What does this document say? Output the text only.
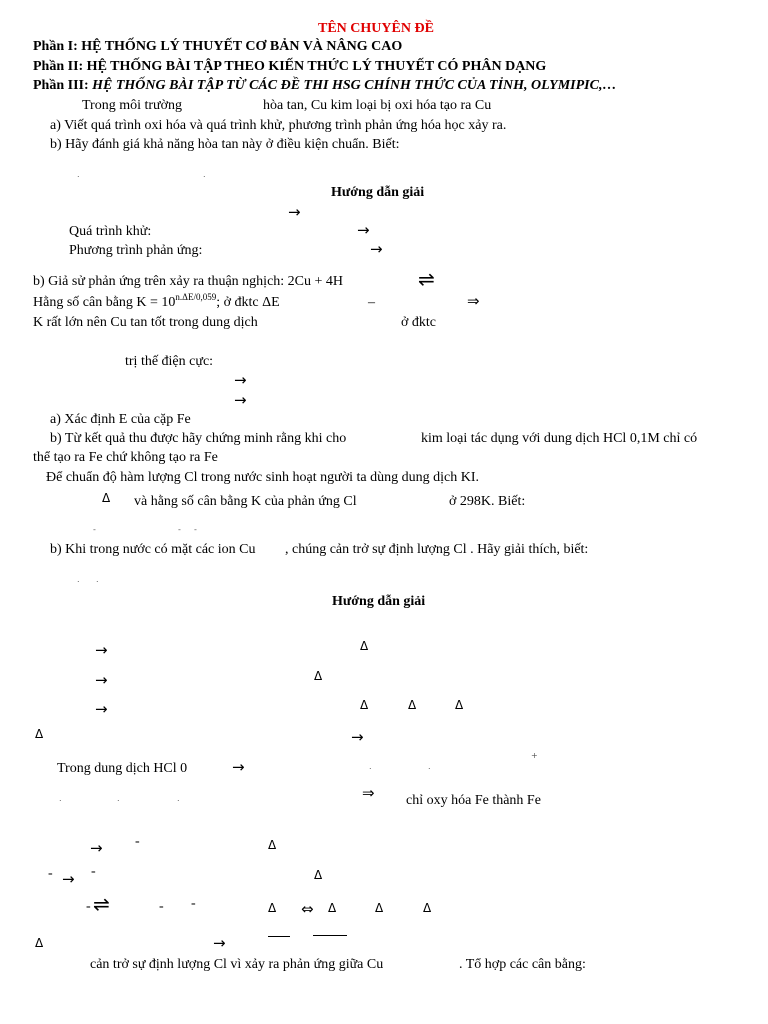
TÊN CHUYÊN ĐỀ
Phần I: HỆ THỐNG LÝ THUYẾT CƠ BẢN VÀ NÂNG CAO
Phần II: HỆ THỐNG BÀI TẬP THEO KIẾN THỨC LÝ THUYẾT CÓ PHÂN DẠNG
Phần III: HỆ THỐNG BÀI TẬP TỪ CÁC ĐỀ THI HSG CHÍNH THỨC CỦA TỈNH, OLYMIPIC,…
Trong môi trường	hòa tan, Cu kim loại bị oxi hóa tạo ra Cu
a) Viết quá trình oxi hóa và quá trình khử, phương trình phản ứng hóa học xảy ra.
b) Hãy đánh giá khả năng hòa tan này ở điều kiện chuẩn. Biết:
.	.
Hướng dẫn giải
→
Quá trình khử:	→
Phương trình phản ứng:	→
b) Giả sử phản ứng trên xảy ra thuận nghịch: 2Cu + 4H	⇌
Hằng số cân bằng $K = 10^{n.\Delta E/0,059}$; ở đktc ΔE	–	⇒
K rất lớn nên Cu tan tốt trong dung dịch	ở đktc
trị thế điện cực:
→
→
a) Xác định E của cặp Fe
b) Từ kết quả thu được hãy chứng minh rằng khi cho	kim loại tác dụng với dung dịch HCl 0,1M chỉ có
thể tạo ra Fe chứ không tạo ra Fe
Để chuẩn độ hàm lượng Cl trong nước sinh hoạt người ta dùng dung dịch KI.
Δ và hằng số cân bằng K của phản ứng Cl	ở 298K. Biết:
-	- -
b) Khi trong nước có mặt các ion Cu , chúng cản trở sự định lượng Cl . Hãy giải thích, biết:
. .
Hướng dẫn giải
→	Δ
→	Δ
→	Δ	Δ	Δ
Δ	→
Trong dung dịch HCl 0	→	.	.
+
.	.	.	⇒ chỉ oxy hóa Fe thành Fe
→ -	Δ
- → -	Δ
- ⇌	- -	Δ ⇔ Δ	Δ	Δ
Δ	→
cản trở sự định lượng Cl vì xảy ra phản ứng giữa Cu	. Tổ hợp các cân bằng:
